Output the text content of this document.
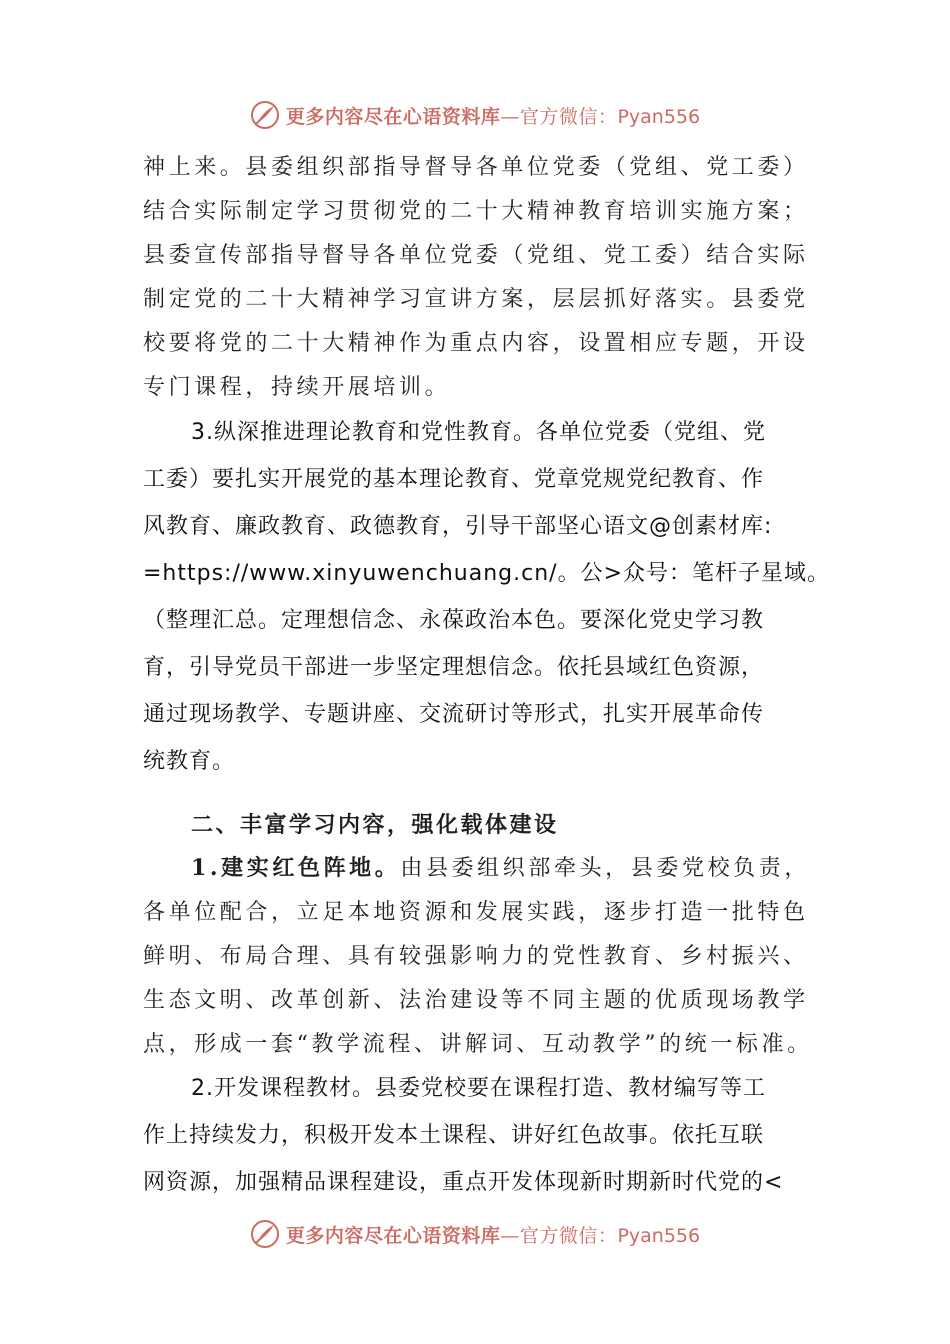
更多内容尽在心语资料库—官方微信：Pyan556
神上来。县委组织部指导督导各单位党委（党组、党工委）
结合实际制定学习贯彻党的二十大精神教育培训实施方案；
县委宣传部指导督导各单位党委（党组、党工委）结合实际
制定党的二十大精神学习宣讲方案，层层抓好落实。县委党
校要将党的二十大精神作为重点内容，设置相应专题，开设
专门课程，持续开展培训。
3.纵深推进理论教育和党性教育。各单位党委（党组、党
工委）要扎实开展党的基本理论教育、党章党规党纪教育、作
风教育、廉政教育、政德教育，引导干部坚心语文@创素材库:
=https://www.xinyuwenchuang.cn/。公>众号：笔杆子星域。
（整理汇总。定理想信念、永葆政治本色。要深化党史学习教
育，引导党员干部进一步坚定理想信念。依托县域红色资源，
通过现场教学、专题讲座、交流研讨等形式，扎实开展革命传
统教育。
二、丰富学习内容，强化载体建设
1.建实红色阵地。由县委组织部牵头，县委党校负责，
各单位配合，立足本地资源和发展实践，逐步打造一批特色
鲜明、布局合理、具有较强影响力的党性教育、乡村振兴、
生态文明、改革创新、法治建设等不同主题的优质现场教学
点，形成一套“教学流程、讲解词、互动教学”的统一标准。
2.开发课程教材。县委党校要在课程打造、教材编写等工
作上持续发力，积极开发本土课程、讲好红色故事。依托互联
网资源，加强精品课程建设，重点开发体现新时期新时代党的<
更多内容尽在心语资料库—官方微信：Pyan556
